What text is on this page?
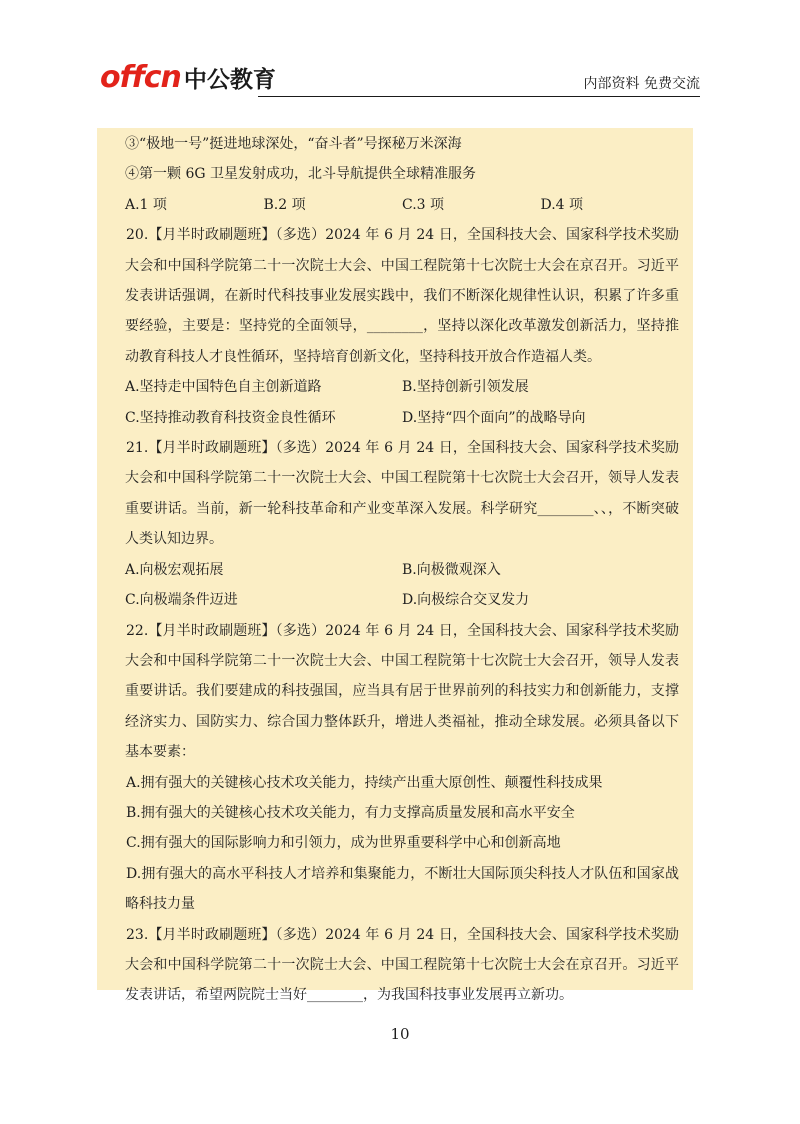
offcn 中公教育	内部资料 免费交流

③“极地一号”挺进地球深处，“奋斗者”号探秘万米深海

④第一颗 6G 卫星发射成功，北斗导航提供全球精准服务

A.1 项	B.2 项	C.3 项	D.4 项

20.【月半时政刷题班】（多选）2024 年 6 月 24 日，全国科技大会、国家科学技术奖励大会和中国科学院第二十一次院士大会、中国工程院第十七次院士大会在京召开。习近平发表讲话强调，在新时代科技事业发展实践中，我们不断深化规律性认识，积累了许多重要经验，主要是：坚持党的全面领导，________，坚持以深化改革激发创新活力，坚持推动教育科技人才良性循环，坚持培育创新文化，坚持科技开放合作造福人类。

A.坚持走中国特色自主创新道路	B.坚持创新引领发展
C.坚持推动教育科技资金良性循环	D.坚持“四个面向”的战略导向

21.【月半时政刷题班】（多选）2024 年 6 月 24 日，全国科技大会、国家科学技术奖励大会和中国科学院第二十一次院士大会、中国工程院第十七次院士大会召开，领导人发表重要讲话。当前，新一轮科技革命和产业变革深入发展。科学研究________、、，不断突破人类认知边界。

A.向极宏观拓展	B.向极微观深入
C.向极端条件迈进	D.向极综合交叉发力

22.【月半时政刷题班】（多选）2024 年 6 月 24 日，全国科技大会、国家科学技术奖励大会和中国科学院第二十一次院士大会、中国工程院第十七次院士大会召开，领导人发表重要讲话。我们要建成的科技强国，应当具有居于世界前列的科技实力和创新能力，支撑经济实力、国防实力、综合国力整体跃升，增进人类福祉，推动全球发展。必须具备以下基本要素：

A.拥有强大的关键核心技术攻关能力，持续产出重大原创性、颠覆性科技成果

B.拥有强大的关键核心技术攻关能力，有力支撑高质量发展和高水平安全

C.拥有强大的国际影响力和引领力，成为世界重要科学中心和创新高地

D.拥有强大的高水平科技人才培养和集聚能力，不断壮大国际顶尖科技人才队伍和国家战略科技力量

23.【月半时政刷题班】（多选）2024 年 6 月 24 日，全国科技大会、国家科学技术奖励大会和中国科学院第二十一次院士大会、中国工程院第十七次院士大会在京召开。习近平发表讲话，希望两院院士当好________，为我国科技事业发展再立新功。

10
